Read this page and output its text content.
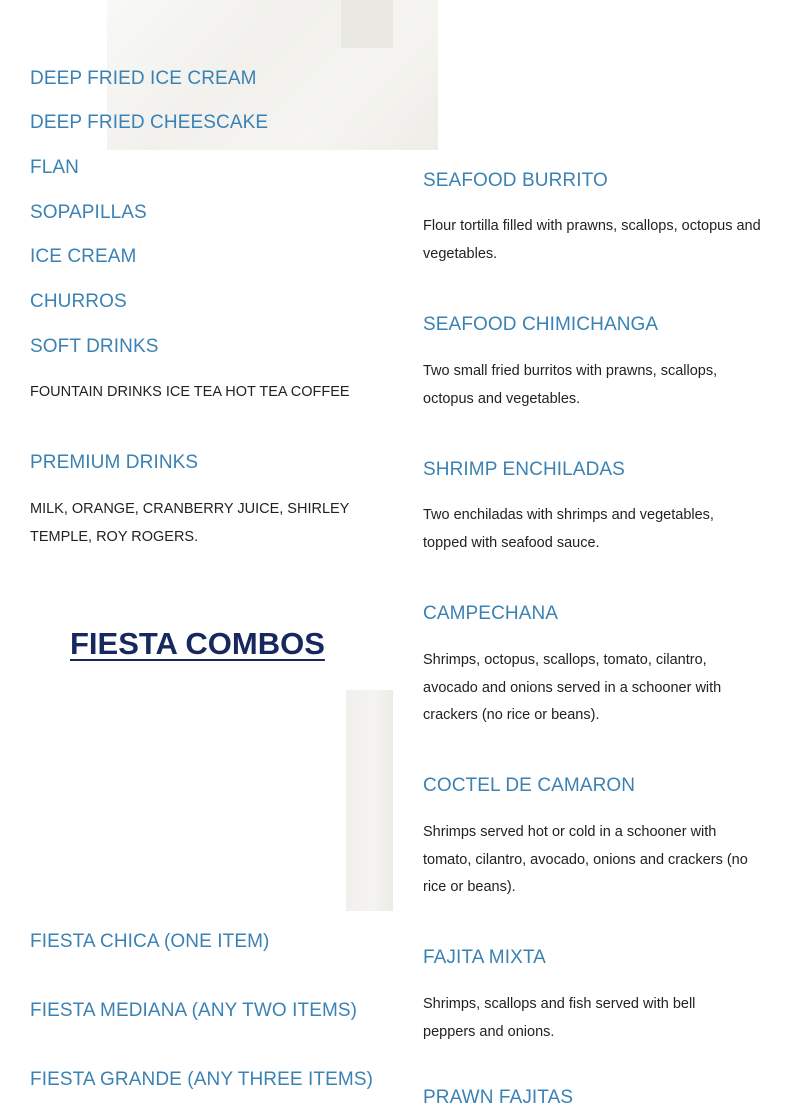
DEEP FRIED ICE CREAM
DEEP FRIED CHEESCAKE
FLAN
SOPAPILLAS
ICE CREAM
CHURROS
SOFT DRINKS

FOUNTAIN DRINKS ICE TEA HOT TEA COFFEE

PREMIUM DRINKS

MILK, ORANGE, CRANBERRY JUICE, SHIRLEY TEMPLE, ROY ROGERS.

FIESTA COMBOS
FIESTA CHICA (ONE ITEM)
FIESTA MEDIANA (ANY TWO ITEMS)
FIESTA GRANDE (ANY THREE ITEMS)
SEAFOOD BURRITO

Flour tortilla filled with prawns, scallops, octopus and vegetables.

SEAFOOD CHIMICHANGA

Two small fried burritos with prawns, scallops, octopus and vegetables.

SHRIMP ENCHILADAS

Two enchiladas with shrimps and vegetables, topped with seafood sauce.

CAMPECHANA

Shrimps, octopus, scallops, tomato, cilantro, avocado and onions served in a schooner with crackers (no rice or beans).

COCTEL DE CAMARON

Shrimps served hot or cold in a schooner with tomato, cilantro, avocado, onions and crackers (no rice or beans).

FAJITA MIXTA

Shrimps, scallops and fish served with bell peppers and onions.

PRAWN FAJITAS
